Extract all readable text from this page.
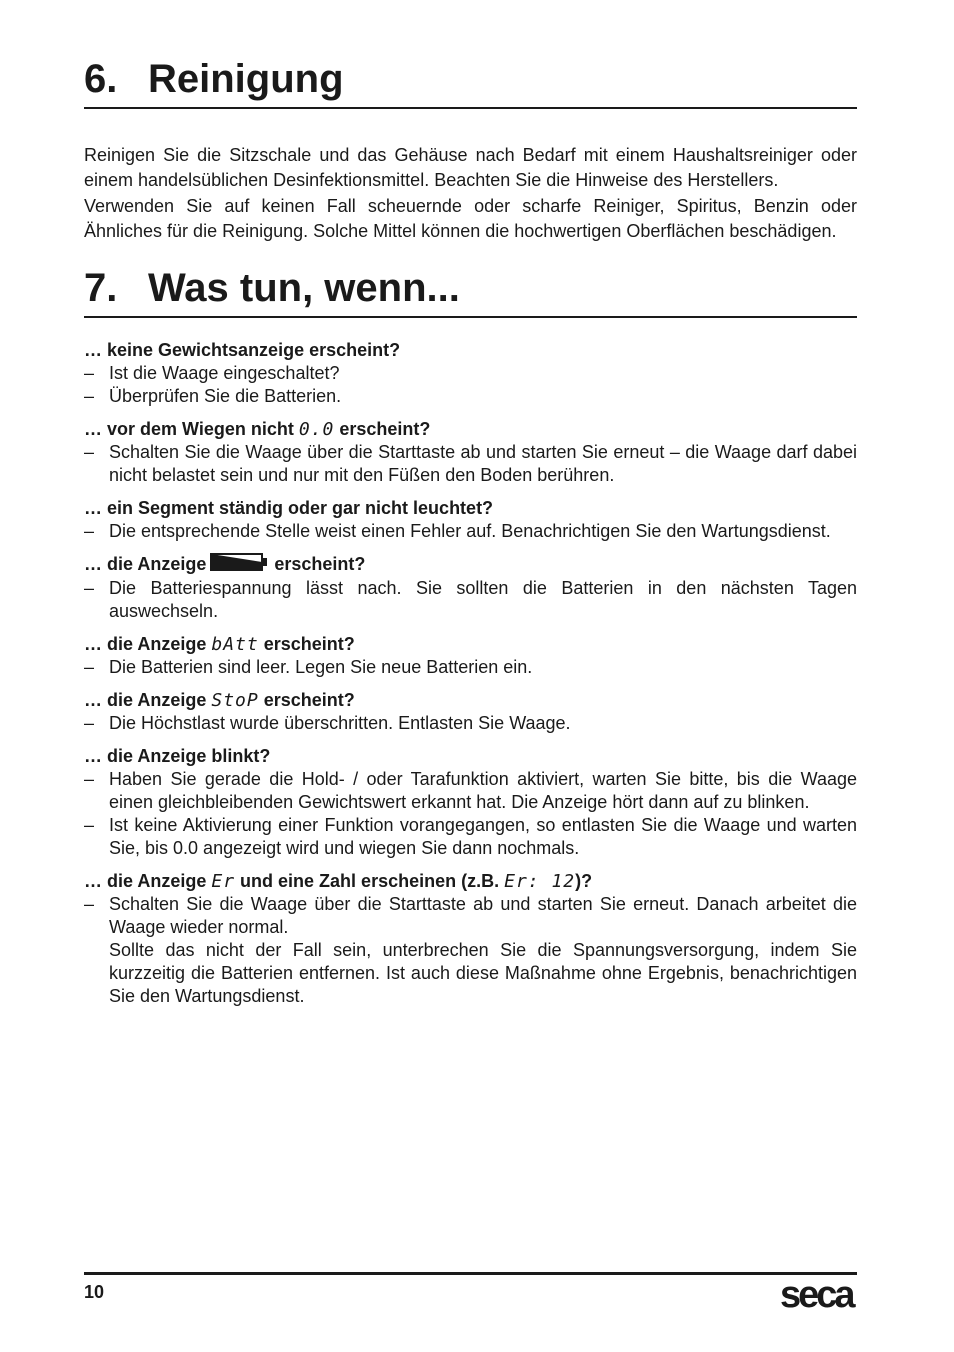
6. Reinigung

Reinigen Sie die Sitzschale und das Gehäuse nach Bedarf mit einem Haushaltsreiniger oder einem handelsüblichen Desinfektionsmittel. Beachten Sie die Hinweise des Herstellers.

Verwenden Sie auf keinen Fall scheuernde oder scharfe Reiniger, Spiritus, Benzin oder Ähnliches für die Reinigung. Solche Mittel können die hochwertigen Oberflächen beschädigen.

7. Was tun, wenn...

… keine Gewichtsanzeige erscheint?

– Ist die Waage eingeschaltet?

– Überprüfen Sie die Batterien.

… vor dem Wiegen nicht 0.0 erscheint?

– Schalten Sie die Waage über die Starttaste ab und starten Sie erneut – die Waage darf dabei nicht belastet sein und nur mit den Füßen den Boden berühren.

… ein Segment ständig oder gar nicht leuchtet?

– Die entsprechende Stelle weist einen Fehler auf. Benachrichtigen Sie den Wartungsdienst.

… die Anzeige	erscheint?

– Die Batteriespannung lässt nach. Sie sollten die Batterien in den nächsten Tagen auswechseln.

… die Anzeige bAtt erscheint?

– Die Batterien sind leer. Legen Sie neue Batterien ein.

… die Anzeige StoP erscheint?

– Die Höchstlast wurde überschritten. Entlasten Sie Waage.

… die Anzeige blinkt?

– Haben Sie gerade die Hold- / oder Tarafunktion aktiviert, warten Sie bitte, bis die Waage einen gleichbleibenden Gewichtswert erkannt hat. Die Anzeige hört dann auf zu blinken.

– Ist keine Aktivierung einer Funktion vorangegangen, so entlasten Sie die Waage und warten Sie, bis 0.0 angezeigt wird und wiegen Sie dann nochmals.

… die Anzeige Er und eine Zahl erscheinen (z.B. Er: 12)?

– Schalten Sie die Waage über die Starttaste ab und starten Sie erneut. Danach arbeitet die Waage wieder normal.

Sollte das nicht der Fall sein, unterbrechen Sie die Spannungsversorgung, indem Sie kurzzeitig die Batterien entfernen. Ist auch diese Maßnahme ohne Ergebnis, benachrichtigen Sie den Wartungsdienst.

10	seca
